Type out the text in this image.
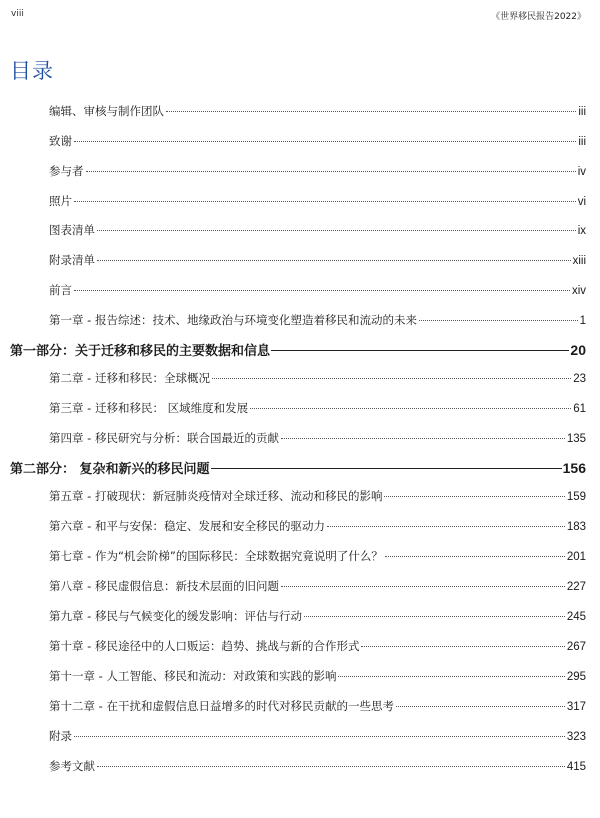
viii	《世界移民报告2022》
目录
编辑、审核与制作团队	iii
致谢	iii
参与者	iv
照片	vi
图表清单	ix
附录清单	xiii
前言	xiv
第一章 - 报告综述：技术、地缘政治与环境变化塑造着移民和流动的未来	1
第一部分：关于迁移和移民的主要数据和信息	20
第二章 - 迁移和移民：全球概况	23
第三章 - 迁移和移民： 区域维度和发展	61
第四章 - 移民研究与分析：联合国最近的贡献	135
第二部分： 复杂和新兴的移民问题	156
第五章 - 打破现状：新冠肺炎疫情对全球迁移、流动和移民的影响	159
第六章 - 和平与安保：稳定、发展和安全移民的驱动力	183
第七章 - 作为“机会阶梯”的国际移民：全球数据究竟说明了什么？	201
第八章 - 移民虚假信息：新技术层面的旧问题	227
第九章 - 移民与气候变化的缓发影响：评估与行动	245
第十章 - 移民途径中的人口贩运：趋势、挑战与新的合作形式	267
第十一章 - 人工智能、移民和流动：对政策和实践的影响	295
第十二章 - 在干扰和虚假信息日益增多的时代对移民贡献的一些思考	317
附录	323
参考文献	415
